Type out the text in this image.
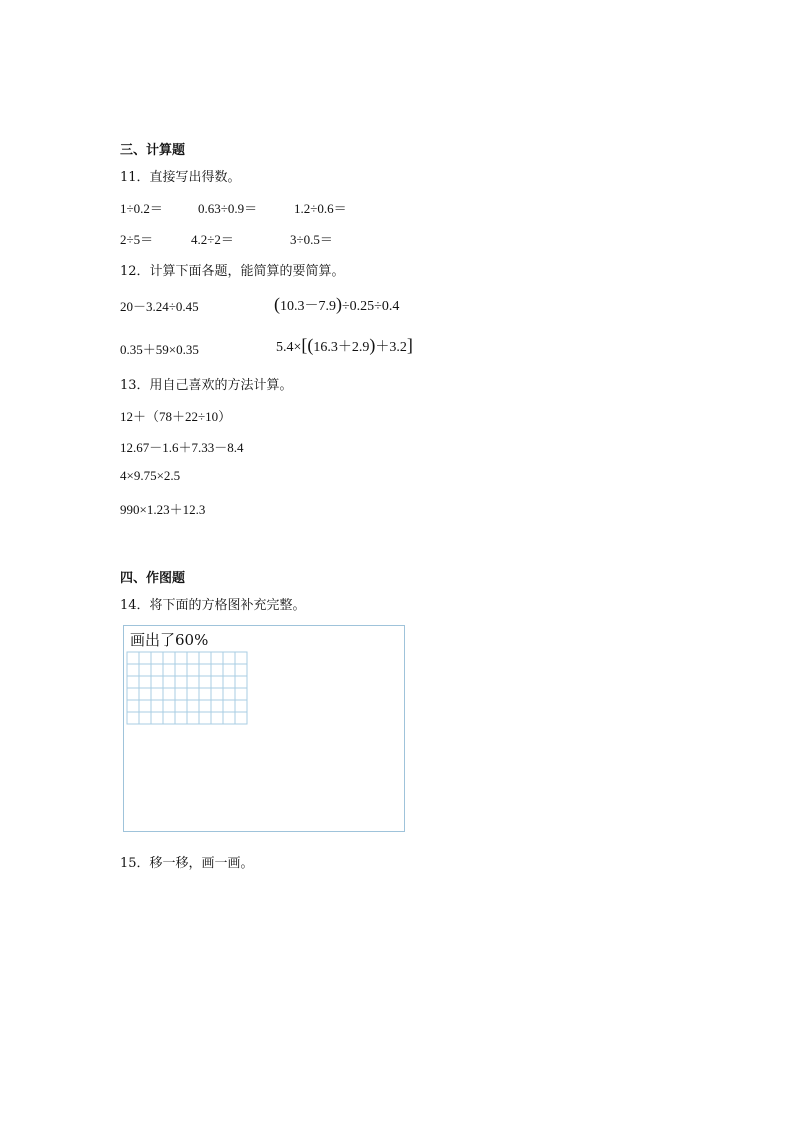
三、计算题
11．直接写出得数。
1÷0.2＝	0.63÷0.9＝	1.2÷0.6＝
2÷5＝	4.2÷2＝	3÷0.5＝
12．计算下面各题，能简算的要简算。
20－3.24÷0.45	(10.3－7.9)÷0.25÷0.4
0.35＋59×0.35	5.4×[(16.3＋2.9)＋3.2]
13．用自己喜欢的方法计算。
12＋（78＋22÷10）
12.67－1.6＋7.33－8.4
4×9.75×2.5
990×1.23＋12.3
四、作图题
14．将下面的方格图补充完整。
画出了60%
15．移一移，画一画。
